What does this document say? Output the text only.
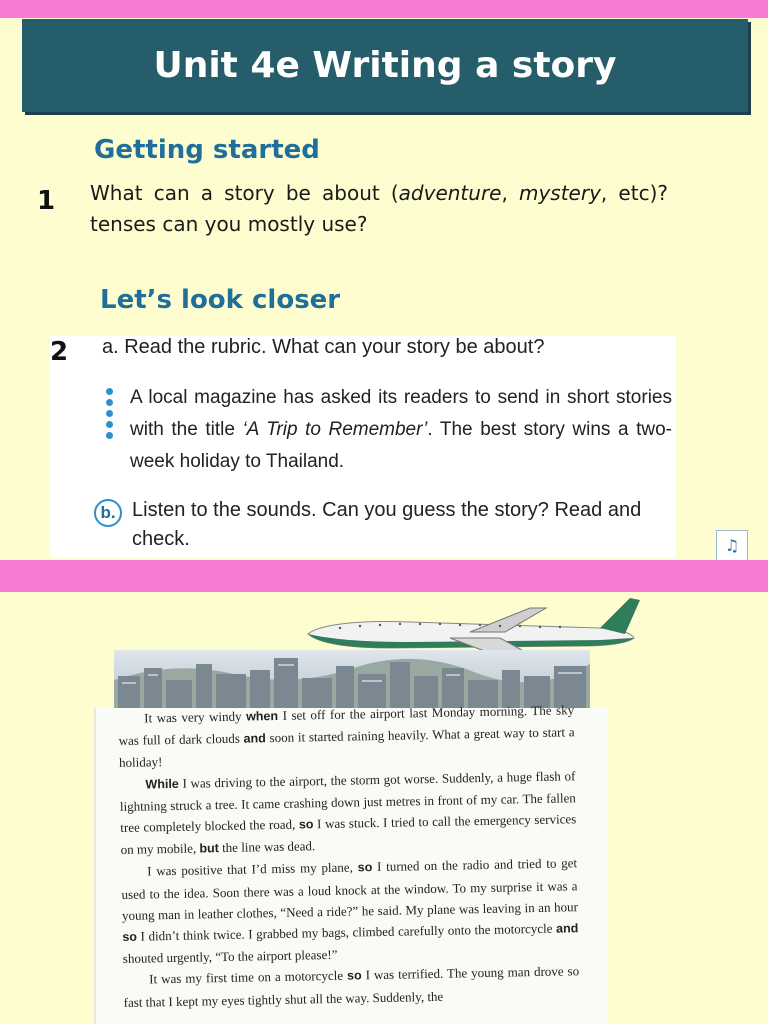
Unit 4e Writing a story
Getting started
1 What can a story be about (adventure, mystery, etc)? tenses can you mostly use?
Let’s look closer
a. Read the rubric. What can your story be about?
A local magazine has asked its readers to send in short stories with the title ‘A Trip to Remember’. The best story wins a two-week holiday to Thailand.
b. Listen to the sounds. Can you guess the story? Read and check.
2
♫

It was very windy when I set off for the airport last Monday morning. The sky was full of dark clouds and soon it started raining heavily. What a great way to start a holiday!

While I was driving to the airport, the storm got worse. Suddenly, a huge flash of lightning struck a tree. It came crashing down just metres in front of my car. The fallen tree completely blocked the road, so I was stuck. I tried to call the emergency services on my mobile, but the line was dead.

I was positive that I’d miss my plane, so I turned on the radio and tried to get used to the idea. Soon there was a loud knock at the window. To my surprise it was a young man in leather clothes, “Need a ride?” he said. My plane was leaving in an hour so I didn’t think twice. I grabbed my bags, climbed carefully onto the motorcycle and shouted urgently, “To the airport please!”

It was my first time on a motorcycle so I was terrified. The young man drove so fast that I kept my eyes tightly shut all the way. Suddenly, the
